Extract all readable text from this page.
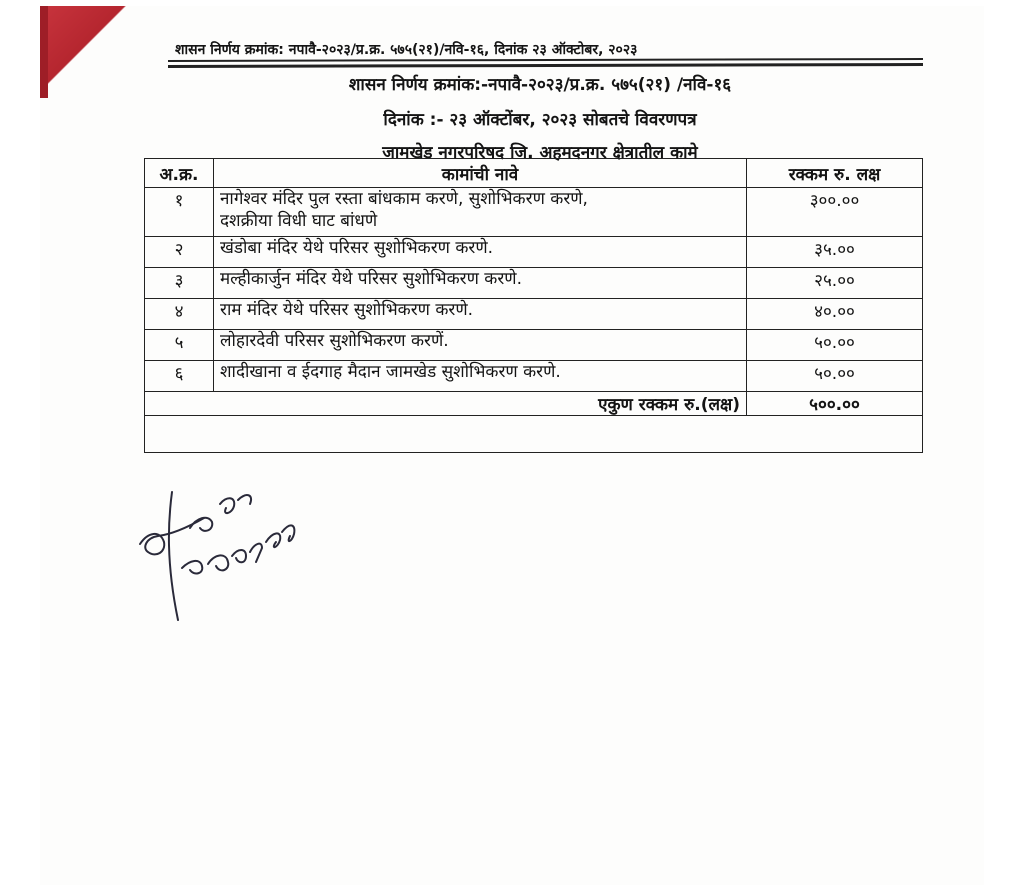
शासन निर्णय क्रमांक: नपावै-२०२३/प्र.क्र. ५७५(२१)/नवि-१६, दिनांक २३ ऑक्टोबर, २०२३
शासन निर्णय क्रमांक:-नपावै-२०२३/प्र.क्र. ५७५(२१) /नवि-१६
दिनांक :- २३ ऑक्टोंबर, २०२३ सोबतचे विवरणपत्र
जामखेड नगरपरिषद जि. अहमदनगर क्षेत्रातील कामे
अ.क्र.	कामांची नावे	रक्कम रु. लक्ष
१	नागेश्वर मंदिर पुल रस्ता बांधकाम करणे, सुशोभिकरण करणे,
दशक्रीया विधी घाट बांधणे	३००.००
२	खंडोबा मंदिर येथे परिसर सुशोभिकरण करणे.	३५.००
३	मल्हीकार्जुन मंदिर येथे परिसर सुशोभिकरण करणे.	२५.००
४	राम मंदिर येथे परिसर सुशोभिकरण करणे.	४०.००
५	लोहारदेवी परिसर सुशोभिकरण करणें.	५०.००
६	शादीखाना व ईदगाह मैदान जामखेड सुशोभिकरण करणे.	५०.००
एकुण रक्कम रु.(लक्ष)		५००.००
